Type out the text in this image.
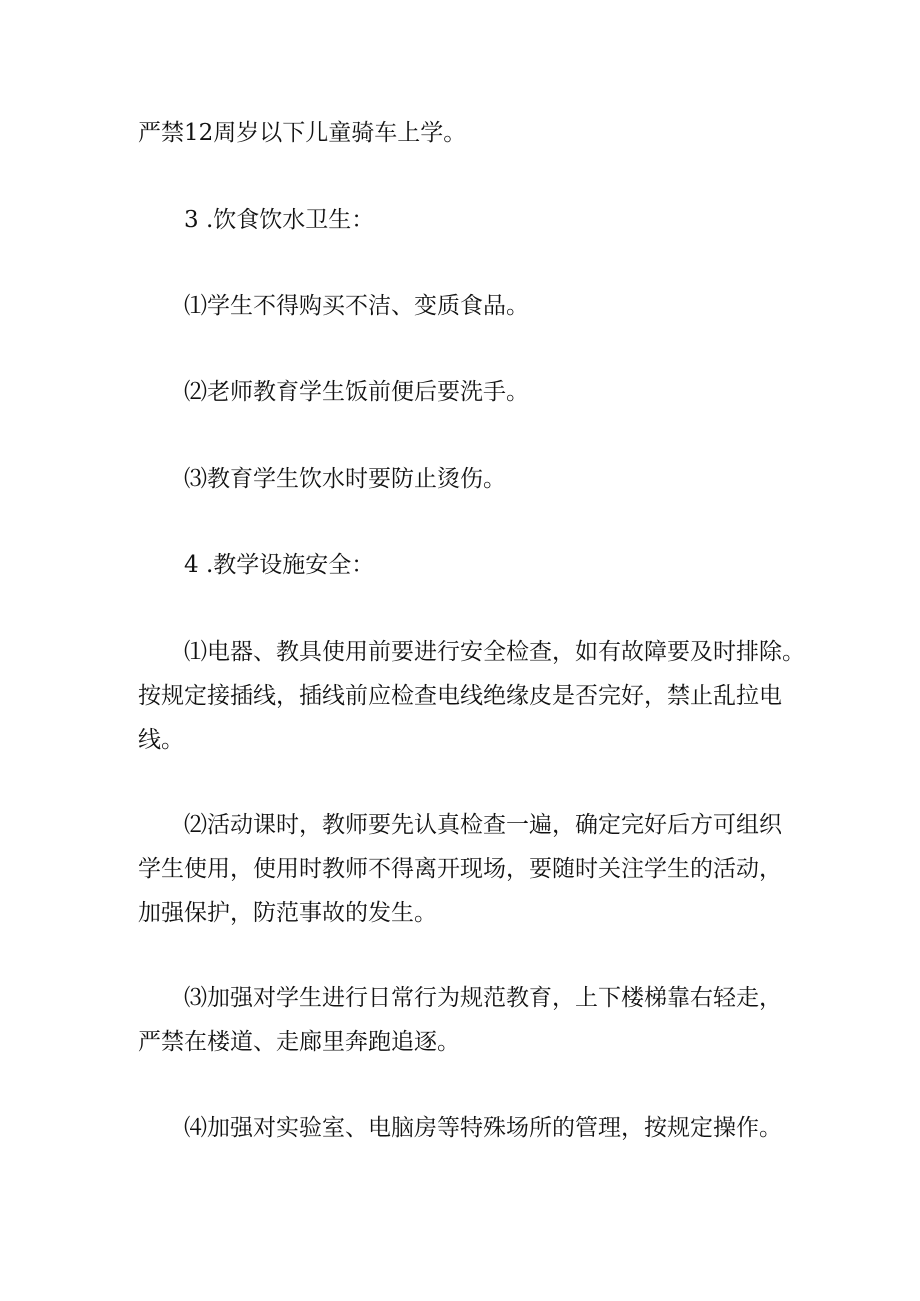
严禁12周岁以下儿童骑车上学。

3 .饮食饮水卫生：

⑴学生不得购买不洁、变质食品。

⑵老师教育学生饭前便后要洗手。

⑶教育学生饮水时要防止烫伤。

4 .教学设施安全：

⑴电器、教具使用前要进行安全检查，如有故障要及时排除。
按规定接插线，插线前应检查电线绝缘皮是否完好，禁止乱拉电
线。

⑵活动课时，教师要先认真检查一遍，确定完好后方可组织
学生使用，使用时教师不得离开现场，要随时关注学生的活动，
加强保护，防范事故的发生。

⑶加强对学生进行日常行为规范教育，上下楼梯靠右轻走，
严禁在楼道、走廊里奔跑追逐。

⑷加强对实验室、电脑房等特殊场所的管理，按规定操作。
